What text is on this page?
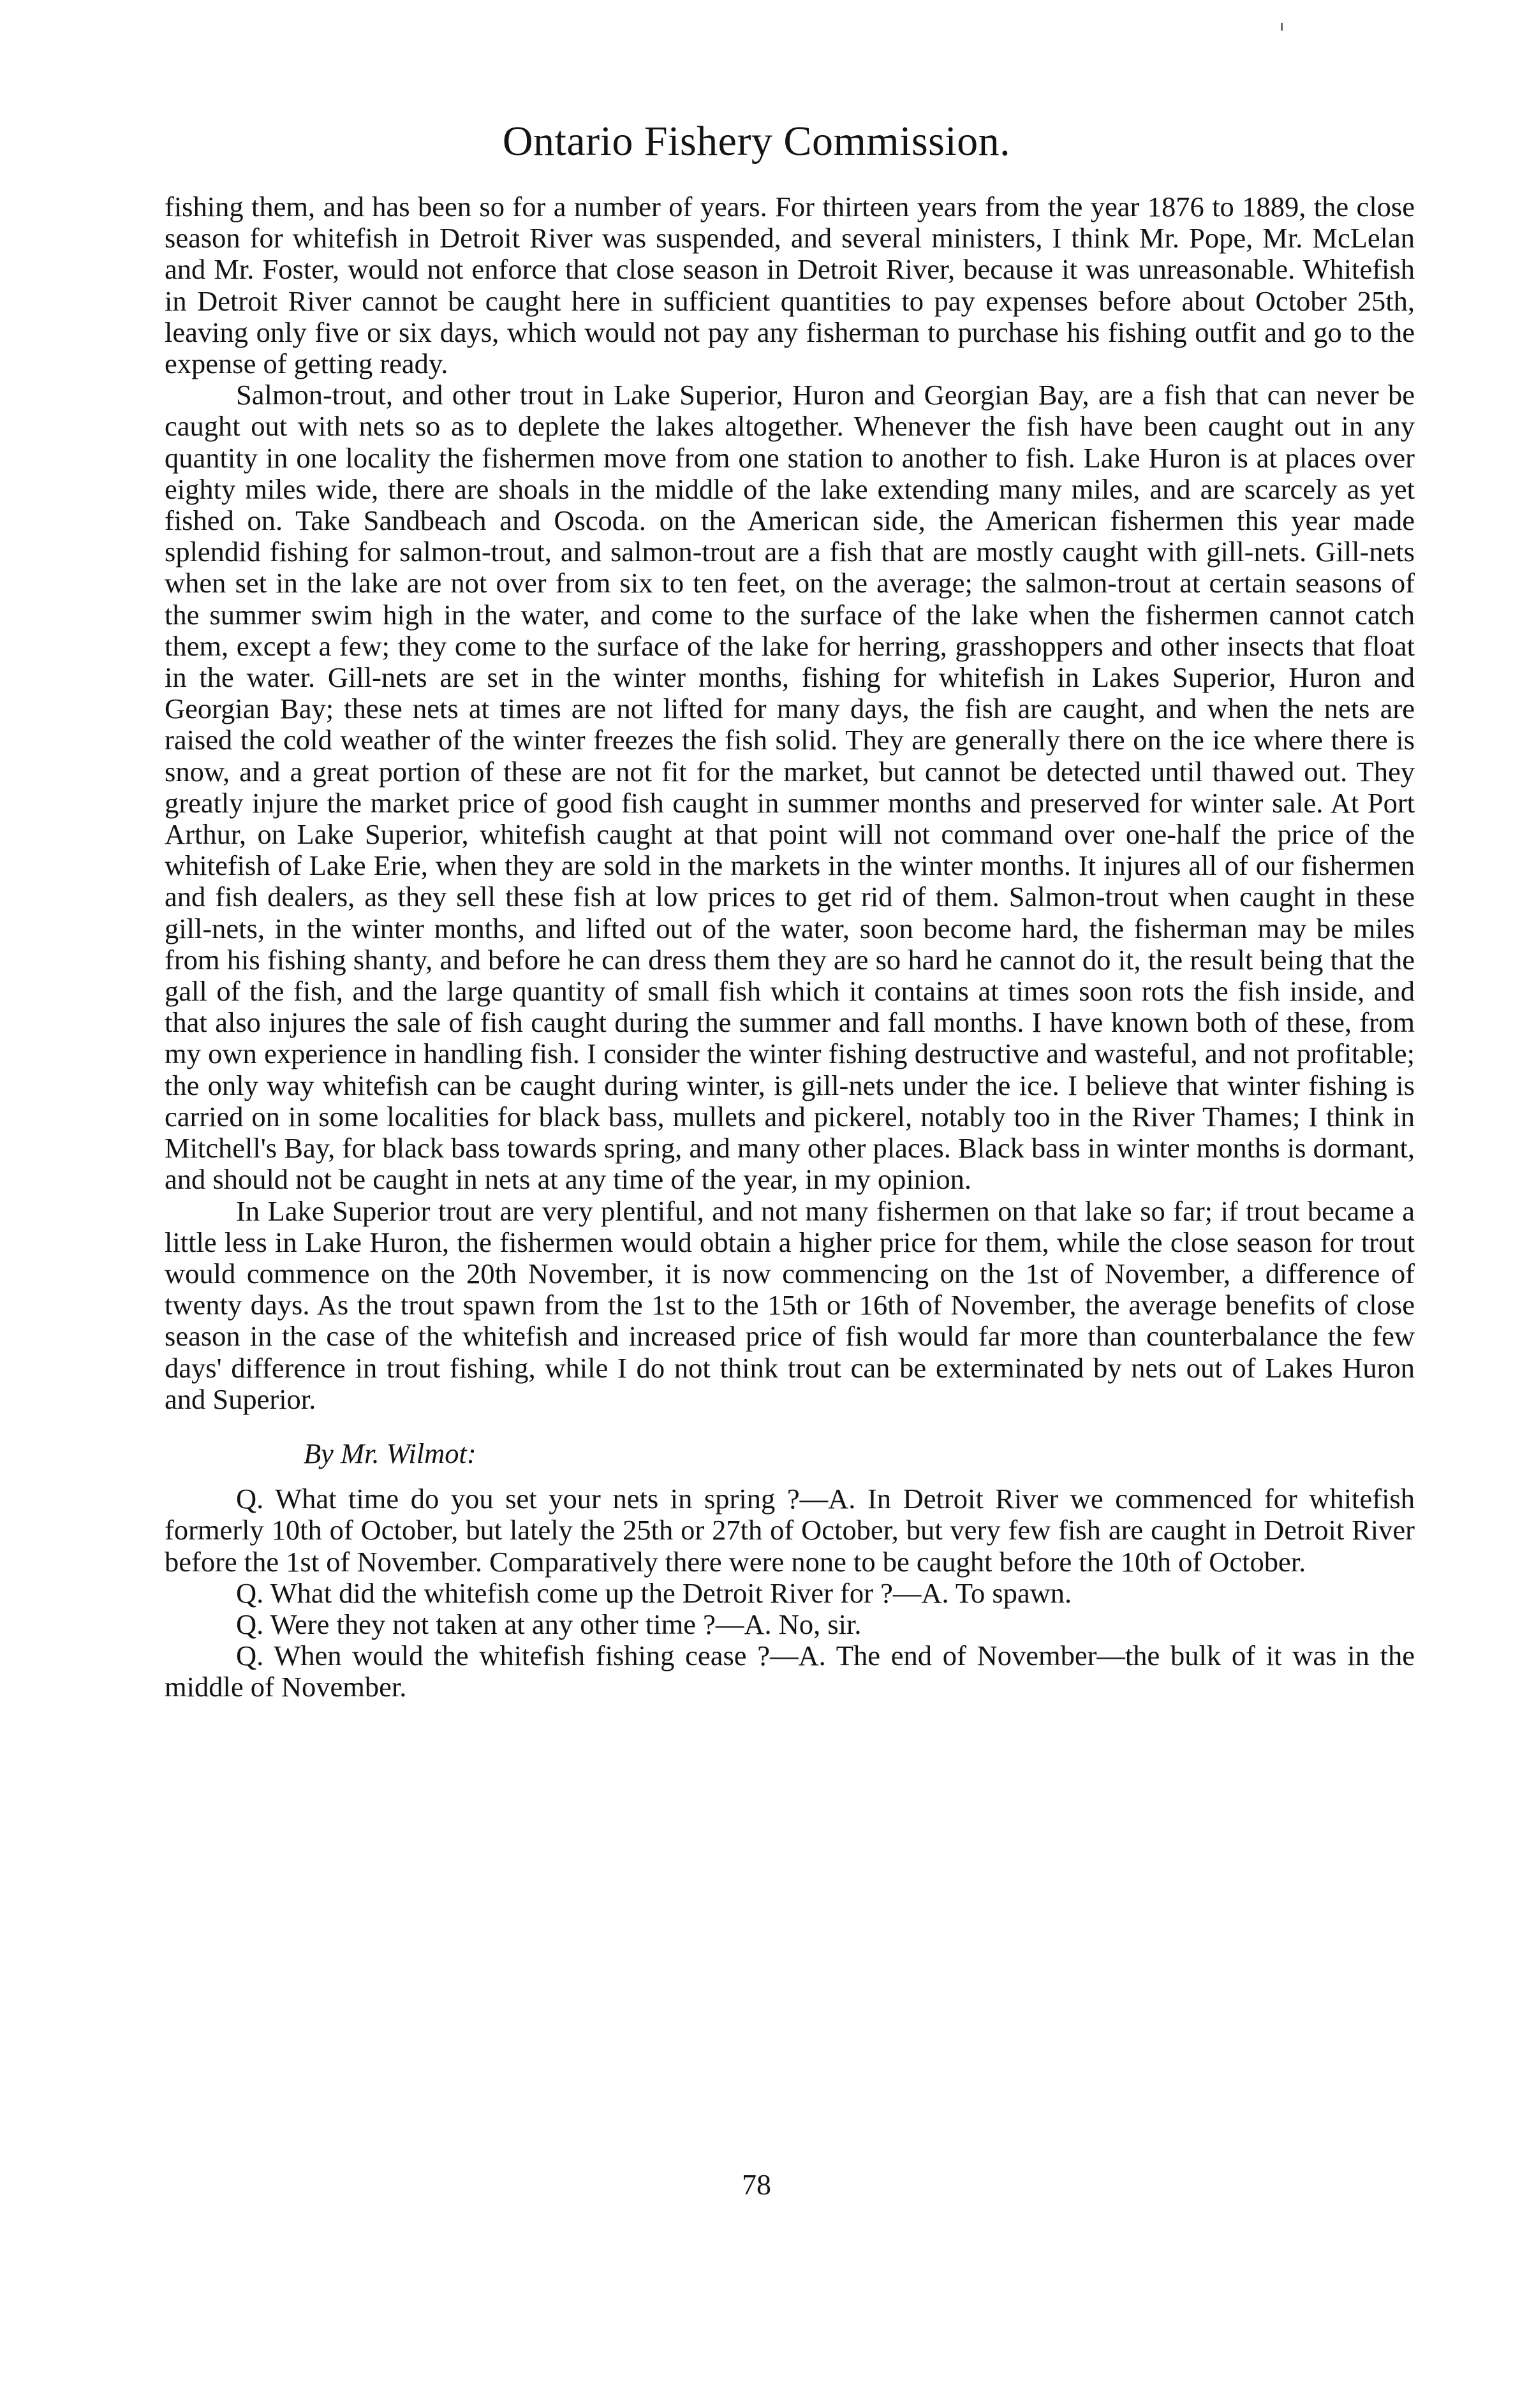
Ontario Fishery Commission.

fishing them, and has been so for a number of years. For thirteen years from the year 1876 to 1889, the close season for whitefish in Detroit River was suspended, and several ministers, I think Mr. Pope, Mr. McLelan and Mr. Foster, would not enforce that close season in Detroit River, because it was unreasonable. Whitefish in Detroit River cannot be caught here in sufficient quantities to pay expenses before about October 25th, leaving only five or six days, which would not pay any fisherman to purchase his fishing outfit and go to the expense of getting ready.

Salmon-trout, and other trout in Lake Superior, Huron and Georgian Bay, are a fish that can never be caught out with nets so as to deplete the lakes altogether. Whenever the fish have been caught out in any quantity in one locality the fishermen move from one station to another to fish. Lake Huron is at places over eighty miles wide, there are shoals in the middle of the lake extending many miles, and are scarcely as yet fished on. Take Sandbeach and Oscoda. on the American side, the American fishermen this year made splendid fishing for salmon-trout, and salmon-trout are a fish that are mostly caught with gill-nets. Gill-nets when set in the lake are not over from six to ten feet, on the average; the salmon-trout at certain seasons of the summer swim high in the water, and come to the surface of the lake when the fishermen cannot catch them, except a few; they come to the surface of the lake for herring, grasshoppers and other insects that float in the water. Gill-nets are set in the winter months, fishing for whitefish in Lakes Superior, Huron and Georgian Bay; these nets at times are not lifted for many days, the fish are caught, and when the nets are raised the cold weather of the winter freezes the fish solid. They are generally there on the ice where there is snow, and a great portion of these are not fit for the market, but cannot be detected until thawed out. They greatly injure the market price of good fish caught in summer months and preserved for winter sale. At Port Arthur, on Lake Superior, whitefish caught at that point will not command over one-half the price of the whitefish of Lake Erie, when they are sold in the markets in the winter months. It injures all of our fishermen and fish dealers, as they sell these fish at low prices to get rid of them. Salmon-trout when caught in these gill-nets, in the winter months, and lifted out of the water, soon become hard, the fisherman may be miles from his fishing shanty, and before he can dress them they are so hard he cannot do it, the result being that the gall of the fish, and the large quantity of small fish which it contains at times soon rots the fish inside, and that also injures the sale of fish caught during the summer and fall months. I have known both of these, from my own experience in handling fish. I consider the winter fishing destructive and wasteful, and not profitable; the only way whitefish can be caught during winter, is gill-nets under the ice. I believe that winter fishing is carried on in some localities for black bass, mullets and pickerel, notably too in the River Thames; I think in Mitchell's Bay, for black bass towards spring, and many other places. Black bass in winter months is dormant, and should not be caught in nets at any time of the year, in my opinion.

In Lake Superior trout are very plentiful, and not many fishermen on that lake so far; if trout became a little less in Lake Huron, the fishermen would obtain a higher price for them, while the close season for trout would commence on the 20th November, it is now commencing on the 1st of November, a difference of twenty days. As the trout spawn from the 1st to the 15th or 16th of November, the average benefits of close season in the case of the whitefish and increased price of fish would far more than counterbalance the few days' difference in trout fishing, while I do not think trout can be exterminated by nets out of Lakes Huron and Superior.

By Mr. Wilmot:

Q. What time do you set your nets in spring ?—A. In Detroit River we commenced for whitefish formerly 10th of October, but lately the 25th or 27th of October, but very few fish are caught in Detroit River before the 1st of November. Comparatively there were none to be caught before the 10th of October.

Q. What did the whitefish come up the Detroit River for ?—A. To spawn.

Q. Were they not taken at any other time ?—A. No, sir.

Q. When would the whitefish fishing cease ?—A. The end of November—the bulk of it was in the middle of November.

78
